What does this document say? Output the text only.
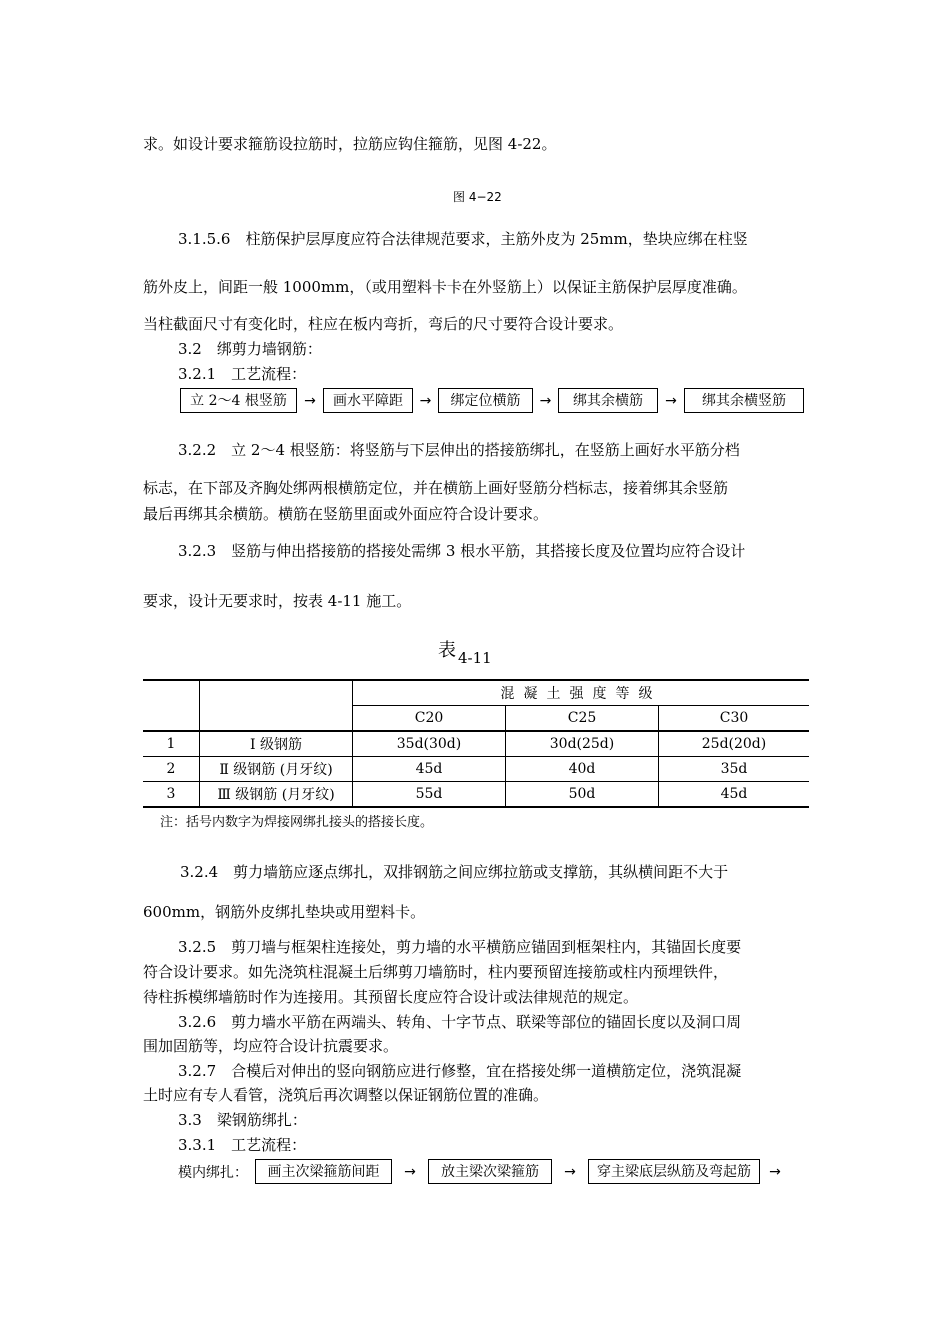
求。如设计要求箍筋设拉筋时，拉筋应钩住箍筋，见图 4-22。
图 4−22
3.1.5.6　柱筋保护层厚度应符合法律规范要求，主筋外皮为 25mm，垫块应绑在柱竖
筋外皮上，间距一般 1000mm，（或用塑料卡卡在外竖筋上）以保证主筋保护层厚度准确。
当柱截面尺寸有变化时，柱应在板内弯折，弯后的尺寸要符合设计要求。
3.2　绑剪力墙钢筋：
3.2.1　工艺流程：
立 2～4 根竖筋	→	画水平障距	→	绑定位横筋	→	绑其余横筋	→	绑其余横竖筋
3.2.2　立 2～4 根竖筋：将竖筋与下层伸出的搭接筋绑扎，在竖筋上画好水平筋分档
标志，在下部及齐胸处绑两根横筋定位，并在横筋上画好竖筋分档标志，接着绑其余竖筋
最后再绑其余横筋。横筋在竖筋里面或外面应符合设计要求。
3.2.3　竖筋与伸出搭接筋的搭接处需绑 3 根水平筋，其搭接长度及位置均应符合设计
要求，设计无要求时，按表 4-11 施工。
表 4-11
		混凝土强度等级		
		C20	C25	C30
1	Ⅰ 级钢筋	35d(30d)	30d(25d)	25d(20d)
2	Ⅱ 级钢筋 (月牙纹)	45d	40d	35d
3	Ⅲ 级钢筋 (月牙纹)	55d	50d	45d
注：括号内数字为焊接网绑扎接头的搭接长度。
3.2.4　剪力墙筋应逐点绑扎，双排钢筋之间应绑拉筋或支撑筋，其纵横间距不大于
600mm，钢筋外皮绑扎垫块或用塑料卡。
3.2.5　剪刀墙与框架柱连接处，剪力墙的水平横筋应锚固到框架柱内，其锚固长度要
符合设计要求。如先浇筑柱混凝土后绑剪刀墙筋时，柱内要预留连接筋或柱内预埋铁件，
待柱拆模绑墙筋时作为连接用。其预留长度应符合设计或法律规范的规定。
3.2.6　剪力墙水平筋在两端头、转角、十字节点、联梁等部位的锚固长度以及洞口周
围加固筋等，均应符合设计抗震要求。
3.2.7　合模后对伸出的竖向钢筋应进行修整，宜在搭接处绑一道横筋定位，浇筑混凝
土时应有专人看管，浇筑后再次调整以保证钢筋位置的准确。
3.3　梁钢筋绑扎：
3.3.1　工艺流程：
模内绑扎：	画主次梁箍筋间距	→	放主梁次梁箍筋	→	穿主梁底层纵筋及弯起筋	→
